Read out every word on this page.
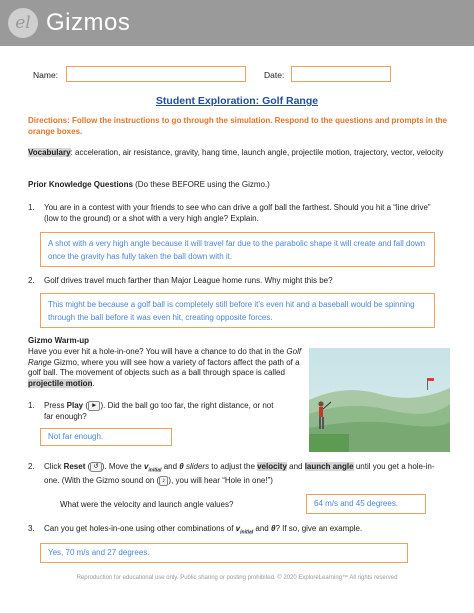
el Gizmos
Name:	Date:
Student Exploration: Golf Range
Directions: Follow the instructions to go through the simulation. Respond to the questions and prompts in the orange boxes.
Vocabulary: acceleration, air resistance, gravity, hang time, launch angle, projectile motion, trajectory, vector, velocity
Prior Knowledge Questions (Do these BEFORE using the Gizmo.)
1. You are in a contest with your friends to see who can drive a golf ball the farthest. Should you hit a “line drive” (low to the ground) or a shot with a very high angle? Explain.
A shot with a very high angle because it will travel far due to the parabolic shape it will create and fall down once the gravity has fully taken the ball down with it.
2. Golf drives travel much farther than Major League home runs. Why might this be?
This might be because a golf ball is completely still before it's even hit and a baseball would be spinning through the ball before it was even hit, creating opposite forces.
Gizmo Warm-up
Have you ever hit a hole-in-one? You will have a chance to do that in the Golf Range Gizmo, where you will see how a variety of factors affect the path of a golf ball. The movement of objects such as a ball through space is called projectile motion.
1. Press Play ( ► ). Did the ball go too far, the right distance, or not far enough?
Not far enough.
2. Click Reset ( ↺ ). Move the $v_{initial}$ and θ sliders to adjust the velocity and launch angle until you get a hole-in-one. (With the Gizmo sound on ( ♪ ), you will hear “Hole in one!”)
What were the velocity and launch angle values?	64 m/s and 45 degrees.
3. Can you get holes-in-one using other combinations of $v_{initial}$ and θ? If so, give an example.
Yes, 70 m/s and 27 degrees.
Reproduction for educational use only. Public sharing or posting prohibited. © 2020 ExploreLearning™ All rights reserved
